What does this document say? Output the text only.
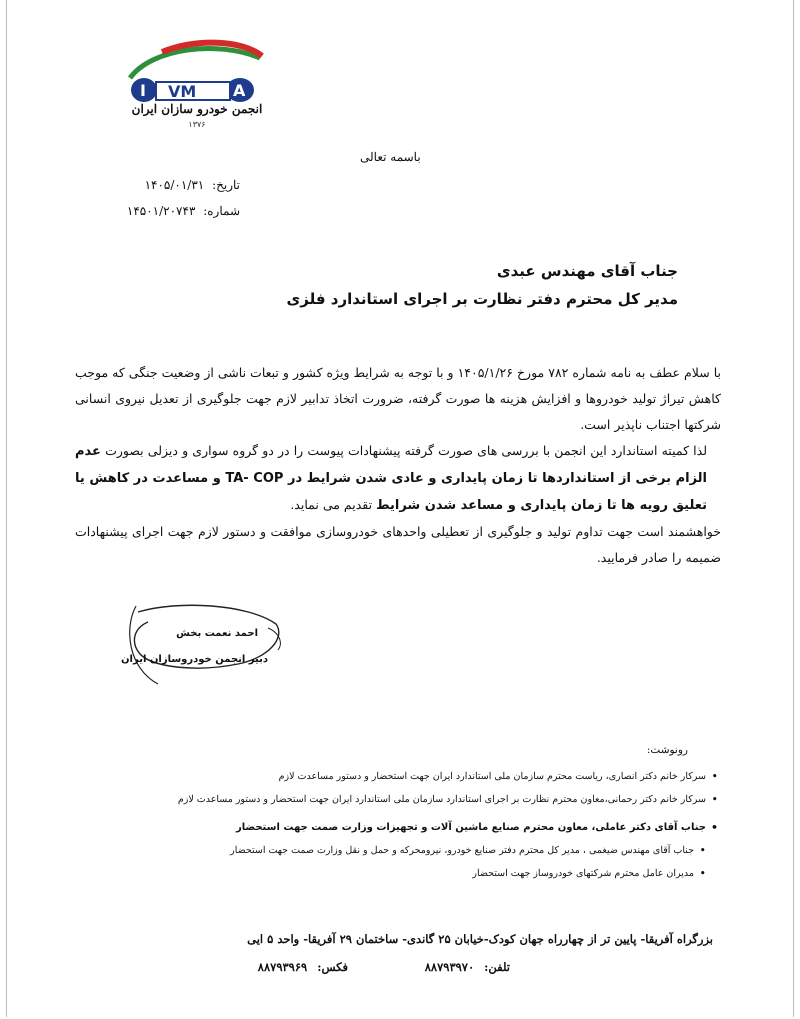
I VM A
انجمن خودرو سازان ایران
۱۳۷۶
باسمه تعالی
تاریخ: ۱۴۰۵/۰۱/۳۱
شماره: ۱۴۵۰۱/۲۰۷۴۳
جناب آقای مهندس عبدی
مدیر کل محترم دفتر نظارت بر اجرای استاندارد فلزی

با سلام عطف به نامه شماره ۷۸۲ مورخ ۱۴۰۵/۱/۲۶ و با توجه به شرایط ویژه کشور و تبعات ناشی از وضعیت جنگی که موجب کاهش تیراژ تولید خودروها و افزایش هزینه ها صورت گرفته، ضرورت اتخاذ تدابیر لازم جهت جلوگیری از تعدیل نیروی انسانی شرکتها اجتناب ناپذیر است.

لذا کمیته استاندارد این انجمن با بررسی های صورت گرفته پیشنهادات پیوست را در دو گروه سواری و دیزلی بصورت عدم الزام برخی از استانداردها تا زمان پایداری و عادی شدن شرایط در TA- COP و مساعدت در کاهش یا تعلیق رویه ها تا زمان پایداری و مساعد شدن شرایط تقدیم می نماید.

خواهشمند است جهت تداوم تولید و جلوگیری از تعطیلی واحدهای خودروسازی موافقت و دستور لازم جهت اجرای پیشنهادات ضمیمه را صادر فرمایید.

احمد نعمت بخش
دبیر انجمن خودروسازان ایران
رونوشت:
• سرکار خانم دکتر انصاری، ریاست محترم سازمان ملی استاندارد ایران جهت استحضار و دستور مساعدت لازم
• سرکار خانم دکتر رحمانی،معاون محترم نظارت بر اجرای استاندارد سازمان ملی استاندارد ایران جهت استحضار و دستور مساعدت لازم
• جناب آقای دکتر عاملی، معاون محترم صنایع ماشین آلات و تجهیزات وزارت صمت جهت استحضار
• جناب آقای مهندس ضیغمی ، مدیر کل محترم دفتر صنایع خودرو، نیرومحرکه و حمل و نقل وزارت صمت جهت استحضار
• مدیران عامل محترم شرکتهای خودروساز جهت استحضار
بزرگراه آفریقا- پایین تر از چهارراه جهان کودک-خیابان ۲۵ گاندی- ساختمان ۲۹ آفریقا- واحد ۵ ایی
تلفن: ۸۸۷۹۳۹۷۰
فکس: ۸۸۷۹۳۹۶۹
